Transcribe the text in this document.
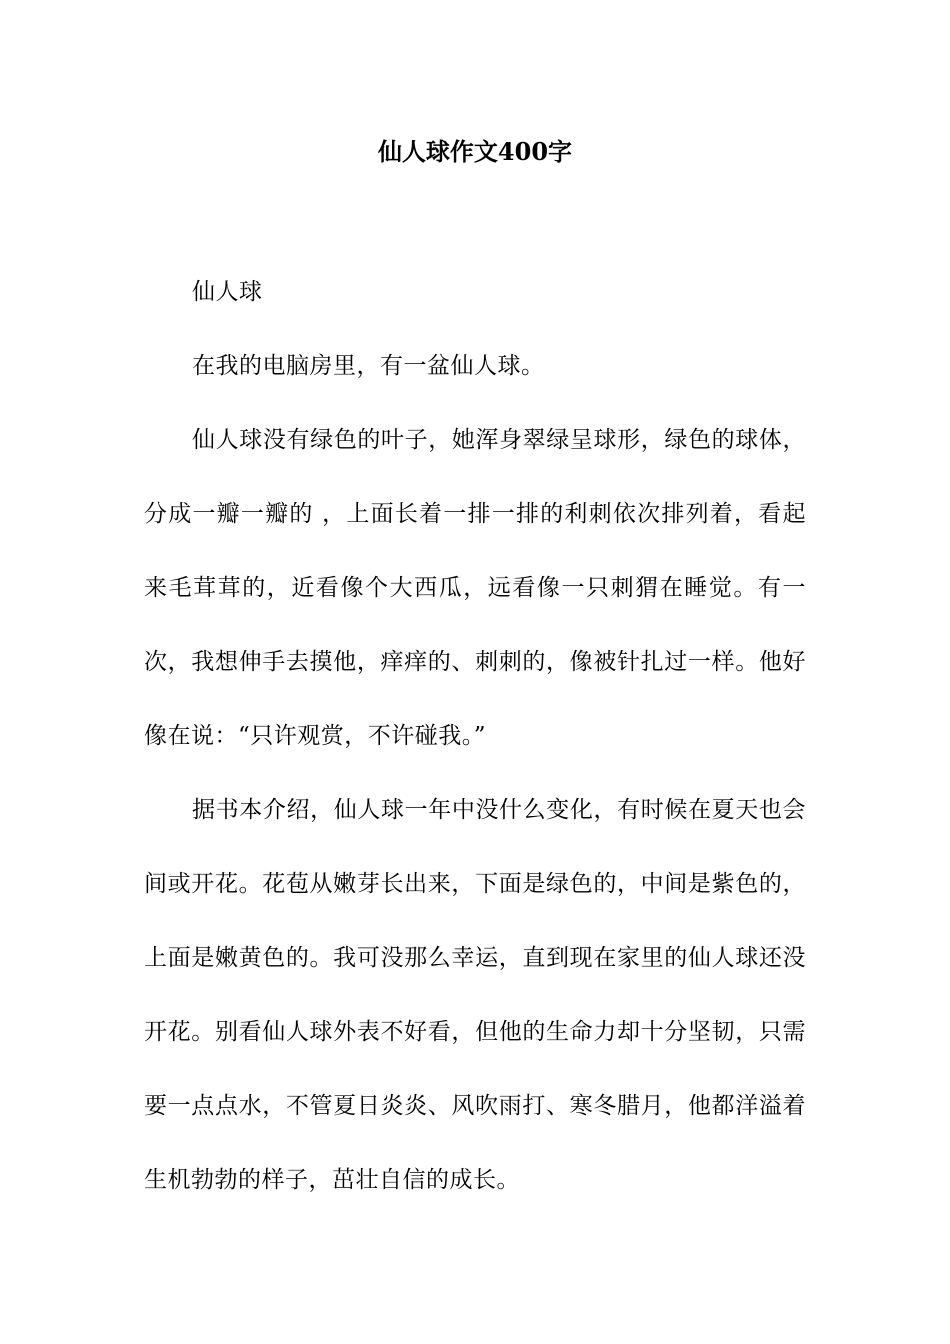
仙人球作文400字

仙人球

在我的电脑房里，有一盆仙人球。

仙人球没有绿色的叶子，她浑身翠绿呈球形，绿色的球体，分成一瓣一瓣的 ，上面长着一排一排的利刺依次排列着，看起来毛茸茸的，近看像个大西瓜，远看像一只刺猬在睡觉。有一次，我想伸手去摸他，痒痒的、刺刺的，像被针扎过一样。他好像在说：“只许观赏，不许碰我。”

据书本介绍，仙人球一年中没什么变化，有时候在夏天也会间或开花。花苞从嫩芽长出来，下面是绿色的，中间是紫色的，上面是嫩黄色的。我可没那么幸运，直到现在家里的仙人球还没开花。别看仙人球外表不好看，但他的生命力却十分坚韧，只需要一点点水，不管夏日炎炎、风吹雨打、寒冬腊月，他都洋溢着生机勃勃的样子，茁壮自信的成长。
